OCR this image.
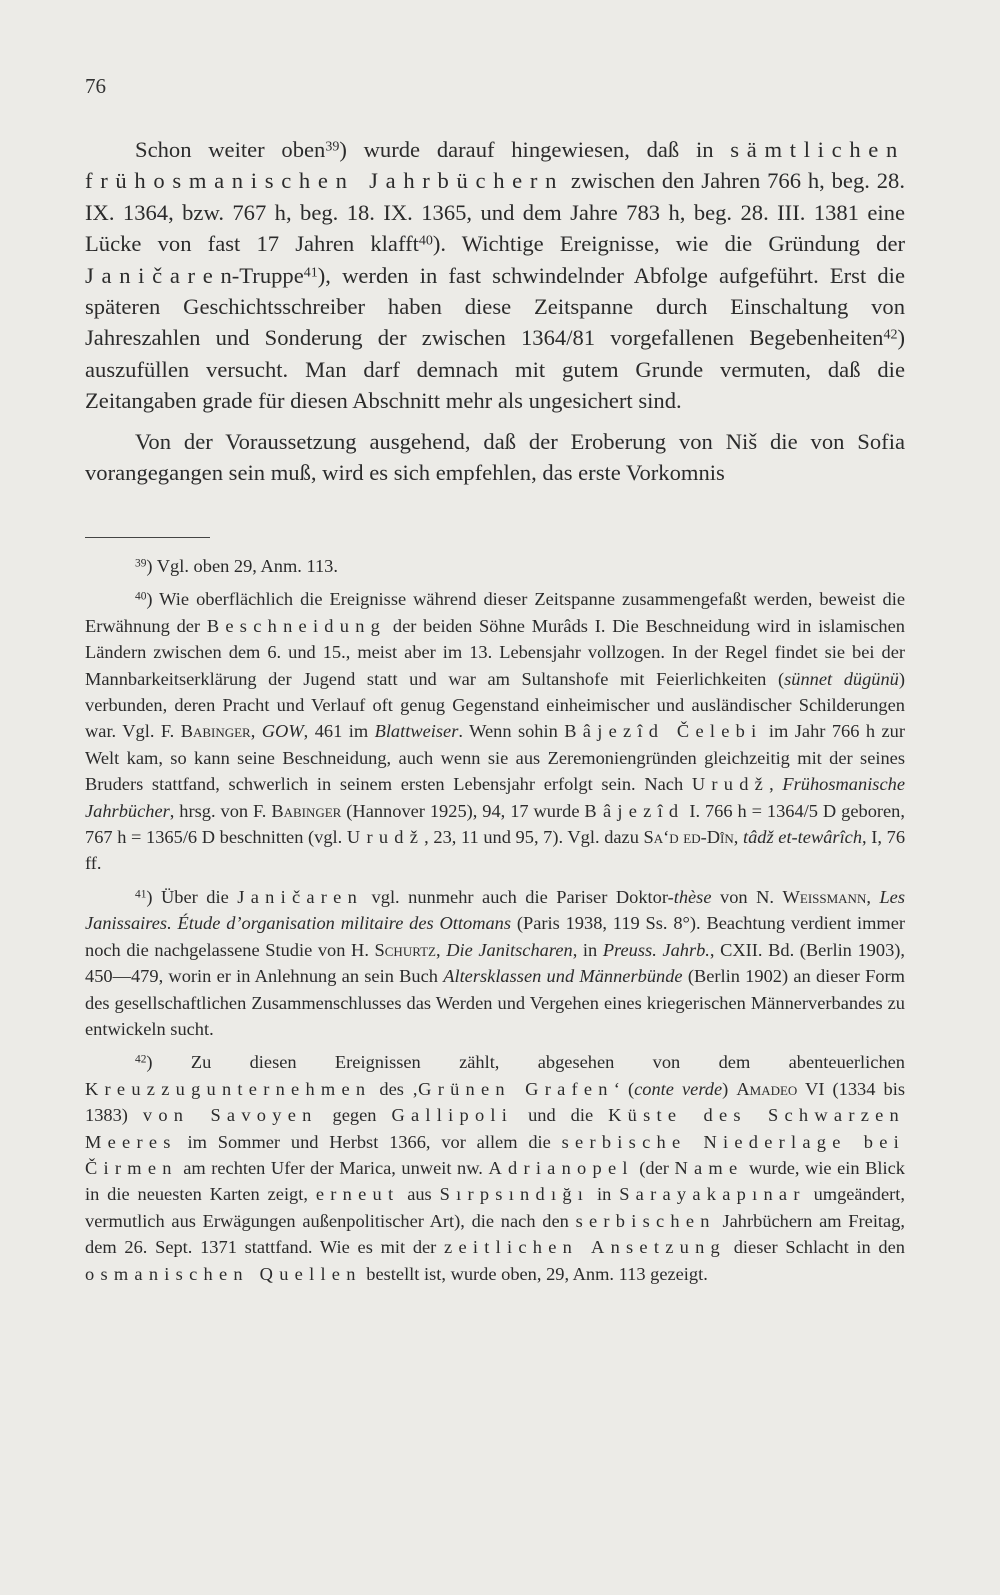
76

Schon weiter oben$^{39}$) wurde darauf hingewiesen, daß in sämtlichen frühosmanischen Jahrbüchern zwischen den Jahren 766 h, beg. 28. IX. 1364, bzw. 767 h, beg. 18. IX. 1365, und dem Jahre 783 h, beg. 28. III. 1381 eine Lücke von fast 17 Jahren klafft$^{40}$). Wichtige Ereignisse, wie die Gründung der Janičaren-Truppe$^{41}$), werden in fast schwindelnder Abfolge aufgeführt. Erst die späteren Geschichtsschreiber haben diese Zeitspanne durch Einschaltung von Jahreszahlen und Sonderung der zwischen 1364/81 vorgefallenen Begebenheiten$^{42}$) auszufüllen versucht. Man darf demnach mit gutem Grunde vermuten, daß die Zeitangaben grade für diesen Abschnitt mehr als ungesichert sind.

Von der Voraussetzung ausgehend, daß der Eroberung von Niš die von Sofia vorangegangen sein muß, wird es sich empfehlen, das erste Vorkomnis

$^{39}$) Vgl. oben 29, Anm. 113.

$^{40}$) Wie oberflächlich die Ereignisse während dieser Zeitspanne zusammengefaßt werden, beweist die Erwähnung der Beschneidung der beiden Söhne Murâds I. Die Beschneidung wird in islamischen Ländern zwischen dem 6. und 15., meist aber im 13. Lebensjahr vollzogen. In der Regel findet sie bei der Mannbarkeitserklärung der Jugend statt und war am Sultanshofe mit Feierlichkeiten (sünnet dügünü) verbunden, deren Pracht und Verlauf oft genug Gegenstand einheimischer und ausländischer Schilderungen war. Vgl. F. Babinger, GOW, 461 im Blattweiser. Wenn sohin Bâjezîd Čelebi im Jahr 766 h zur Welt kam, so kann seine Beschneidung, auch wenn sie aus Zeremoniengründen gleichzeitig mit der seines Bruders stattfand, schwerlich in seinem ersten Lebensjahr erfolgt sein. Nach Urudž, Frühosmanische Jahrbücher, hrsg. von F. Babinger (Hannover 1925), 94, 17 wurde Bâjezîd I. 766 h = 1364/5 D geboren, 767 h = 1365/6 D beschnitten (vgl. Urudž, 23, 11 und 95, 7). Vgl. dazu Sa‘d ed-Dîn, tâdž et-tewârîch, I, 76 ff.

$^{41}$) Über die Janičaren vgl. nunmehr auch die Pariser Doktor-thèse von N. Weissmann, Les Janissaires. Étude d’organisation militaire des Ottomans (Paris 1938, 119 Ss. 8°). Beachtung verdient immer noch die nachgelassene Studie von H. Schurtz, Die Janitscharen, in Preuss. Jahrb., CXII. Bd. (Berlin 1903), 450—479, worin er in Anlehnung an sein Buch Altersklassen und Männerbünde (Berlin 1902) an dieser Form des gesellschaftlichen Zusammenschlusses das Werden und Vergehen eines kriegerischen Männerverbandes zu entwickeln sucht.

$^{42}$) Zu diesen Ereignissen zählt, abgesehen von dem abenteuerlichen Kreuzzugunternehmen des ‚Grünen Grafen‘ (conte verde) Amadeo VI (1334 bis 1383) von Savoyen gegen Gallipoli und die Küste des Schwarzen Meeres im Sommer und Herbst 1366, vor allem die serbische Niederlage bei Čirmen am rechten Ufer der Marica, unweit nw. Adrianopel (der Name wurde, wie ein Blick in die neuesten Karten zeigt, erneut aus Sırpsındığı in Sarayakapınar umgeändert, vermutlich aus Erwägungen außenpolitischer Art), die nach den serbischen Jahrbüchern am Freitag, dem 26. Sept. 1371 stattfand. Wie es mit der zeitlichen Ansetzung dieser Schlacht in den osmanischen Quellen bestellt ist, wurde oben, 29, Anm. 113 gezeigt.
